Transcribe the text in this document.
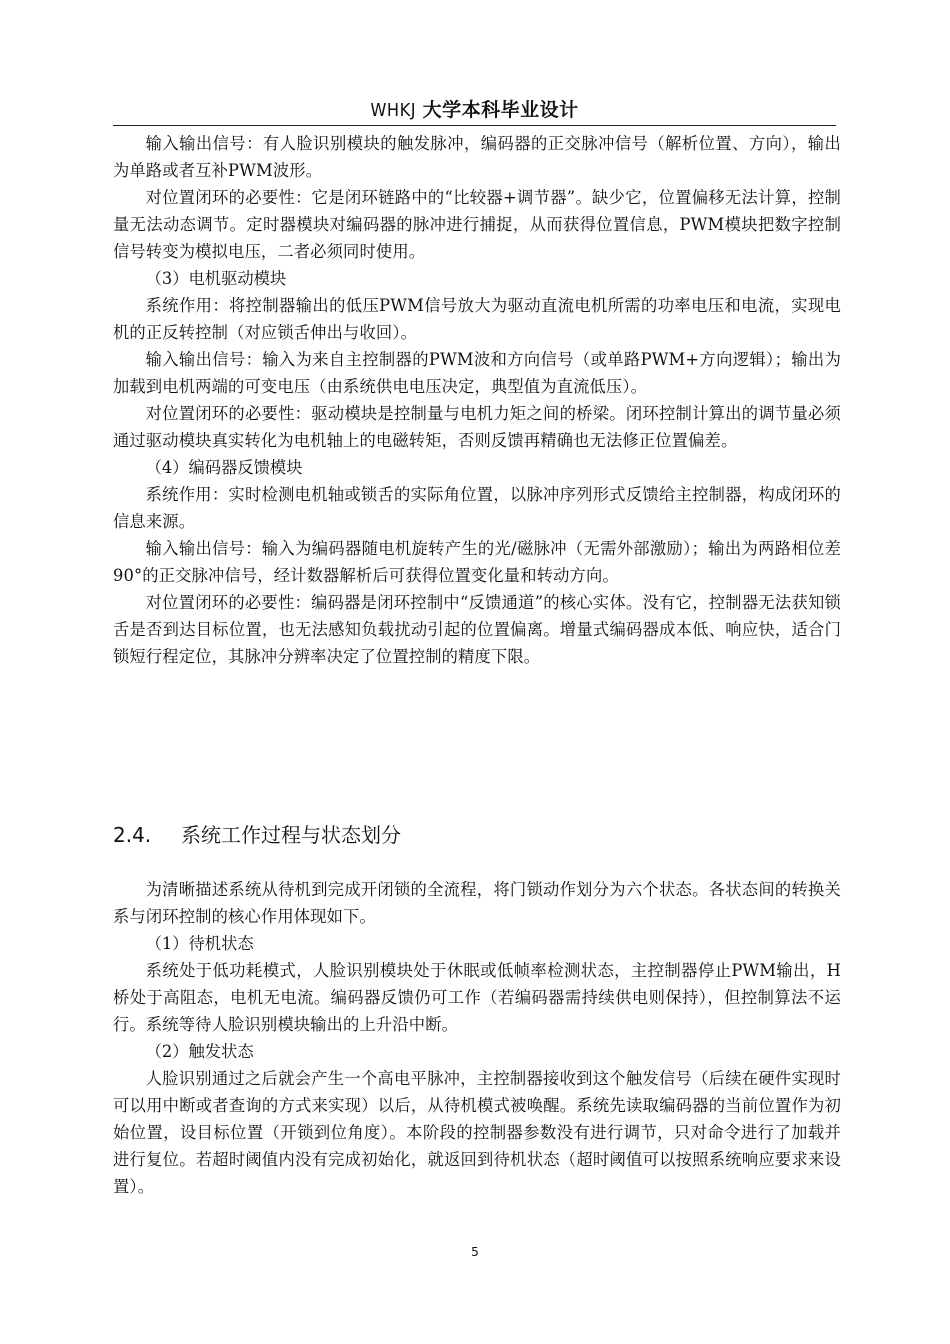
WHKJ 大学本科毕业设计

输入输出信号：有人脸识别模块的触发脉冲，编码器的正交脉冲信号（解析位置、方向），输出为单路或者互补PWM波形。

对位置闭环的必要性：它是闭环链路中的“比较器+调节器”。缺少它，位置偏移无法计算，控制量无法动态调节。定时器模块对编码器的脉冲进行捕捉，从而获得位置信息，PWM模块把数字控制信号转变为模拟电压，二者必须同时使用。

（3）电机驱动模块

系统作用：将控制器输出的低压PWM信号放大为驱动直流电机所需的功率电压和电流，实现电机的正反转控制（对应锁舌伸出与收回）。

输入输出信号：输入为来自主控制器的PWM波和方向信号（或单路PWM+方向逻辑）；输出为加载到电机两端的可变电压（由系统供电电压决定，典型值为直流低压）。

对位置闭环的必要性：驱动模块是控制量与电机力矩之间的桥梁。闭环控制计算出的调节量必须通过驱动模块真实转化为电机轴上的电磁转矩，否则反馈再精确也无法修正位置偏差。

（4）编码器反馈模块

系统作用：实时检测电机轴或锁舌的实际角位置，以脉冲序列形式反馈给主控制器，构成闭环的信息来源。

输入输出信号：输入为编码器随电机旋转产生的光/磁脉冲（无需外部激励）；输出为两路相位差90°的正交脉冲信号，经计数器解析后可获得位置变化量和转动方向。

对位置闭环的必要性：编码器是闭环控制中“反馈通道”的核心实体。没有它，控制器无法获知锁舌是否到达目标位置，也无法感知负载扰动引起的位置偏离。增量式编码器成本低、响应快，适合门锁短行程定位，其脉冲分辨率决定了位置控制的精度下限。

2.4. 系统工作过程与状态划分

为清晰描述系统从待机到完成开闭锁的全流程，将门锁动作划分为六个状态。各状态间的转换关系与闭环控制的核心作用体现如下。

（1）待机状态

系统处于低功耗模式，人脸识别模块处于休眠或低帧率检测状态，主控制器停止PWM输出，H桥处于高阻态，电机无电流。编码器反馈仍可工作（若编码器需持续供电则保持），但控制算法不运行。系统等待人脸识别模块输出的上升沿中断。

（2）触发状态

人脸识别通过之后就会产生一个高电平脉冲，主控制器接收到这个触发信号（后续在硬件实现时可以用中断或者查询的方式来实现）以后，从待机模式被唤醒。系统先读取编码器的当前位置作为初始位置，设目标位置（开锁到位角度）。本阶段的控制器参数没有进行调节，只对命令进行了加载并进行复位。若超时阈值内没有完成初始化，就返回到待机状态（超时阈值可以按照系统响应要求来设置）。

5
